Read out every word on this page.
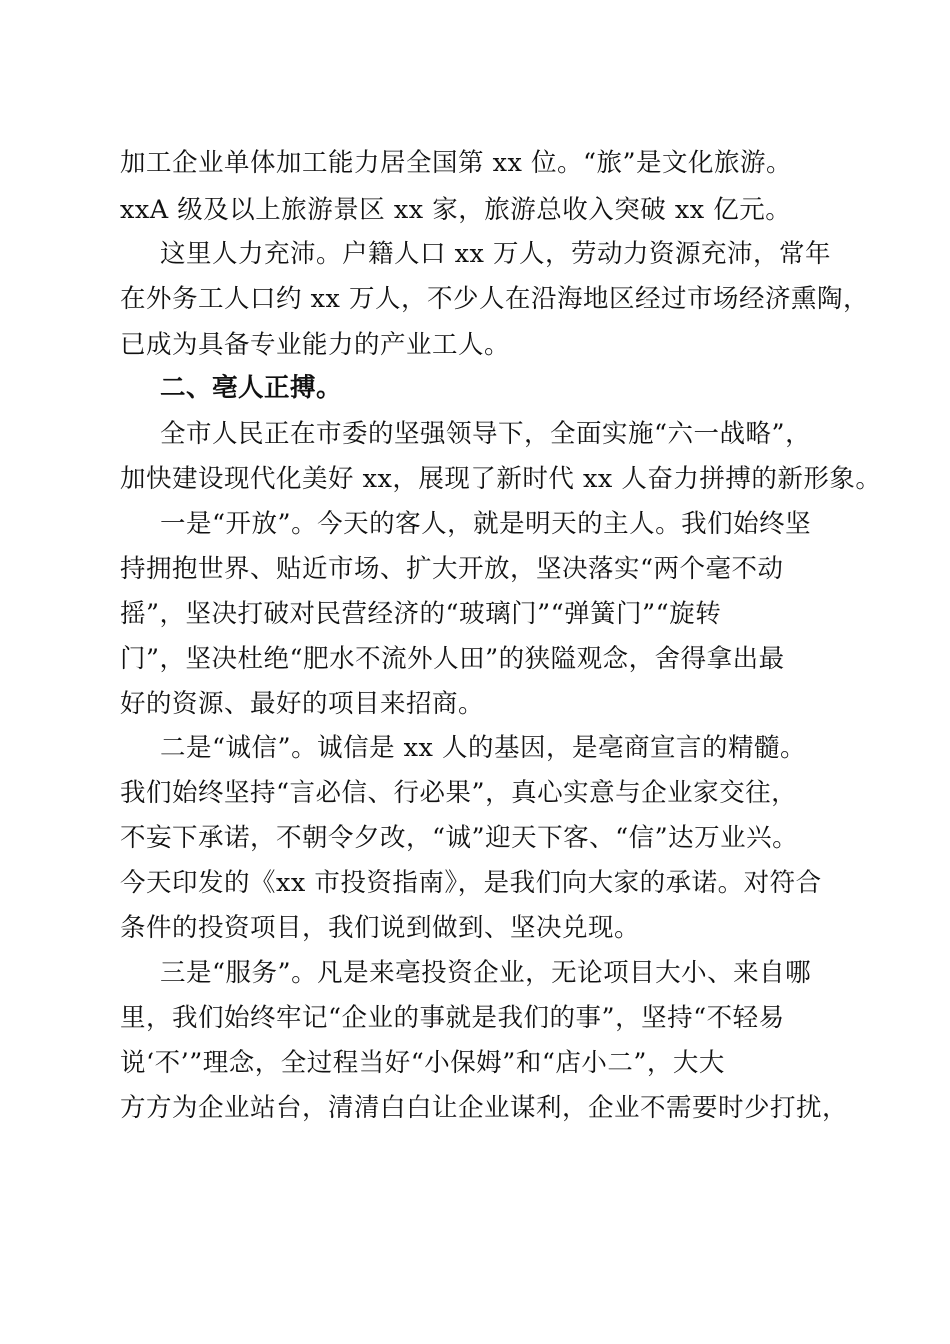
加工企业单体加工能力居全国第 xx 位。“旅”是文化旅游。
xxA 级及以上旅游景区 xx 家，旅游总收入突破 xx 亿元。
这里人力充沛。户籍人口 xx 万人，劳动力资源充沛，常年
在外务工人口约 xx 万人，不少人在沿海地区经过市场经济熏陶，
已成为具备专业能力的产业工人。
二、亳人正搏。
全市人民正在市委的坚强领导下，全面实施“六一战略”，
加快建设现代化美好 xx，展现了新时代 xx 人奋力拼搏的新形象。
一是“开放”。今天的客人，就是明天的主人。我们始终坚
持拥抱世界、贴近市场、扩大开放，坚决落实“两个毫不动
摇”，坚决打破对民营经济的“玻璃门”“弹簧门”“旋转
门”，坚决杜绝“肥水不流外人田”的狭隘观念，舍得拿出最
好的资源、最好的项目来招商。
二是“诚信”。诚信是 xx 人的基因，是亳商宣言的精髓。
我们始终坚持“言必信、行必果”，真心实意与企业家交往，
不妄下承诺，不朝令夕改，“诚”迎天下客、“信”达万业兴。
今天印发的《xx 市投资指南》，是我们向大家的承诺。对符合
条件的投资项目，我们说到做到、坚决兑现。
三是“服务”。凡是来亳投资企业，无论项目大小、来自哪
里，我们始终牢记“企业的事就是我们的事”，坚持“不轻易
说‘不’”理念，全过程当好“小保姆”和“店小二”，大大
方方为企业站台，清清白白让企业谋利，企业不需要时少打扰，
